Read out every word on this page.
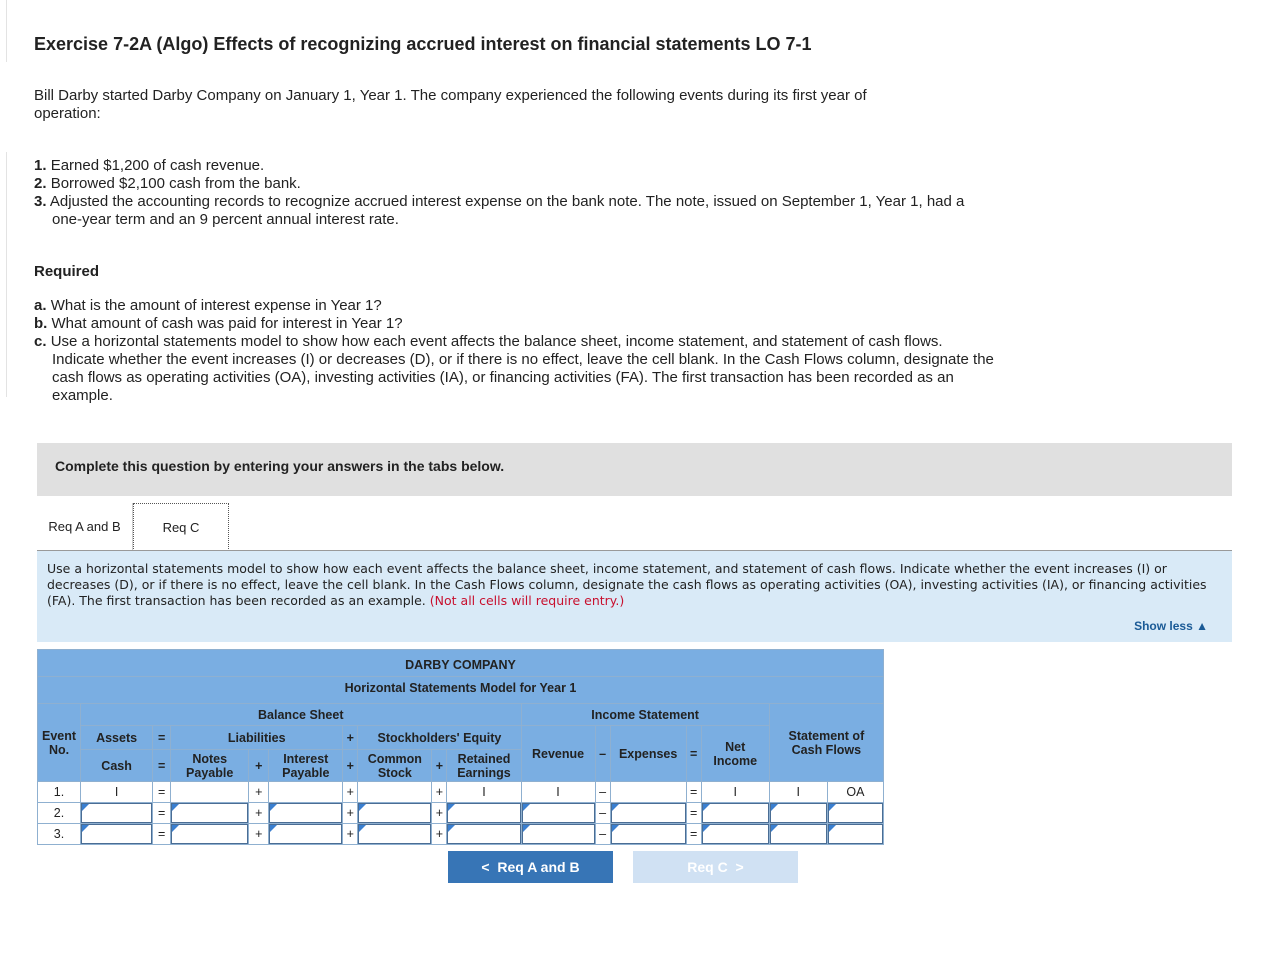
Exercise 7-2A (Algo) Effects of recognizing accrued interest on financial statements LO 7-1

Bill Darby started Darby Company on January 1, Year 1. The company experienced the following events during its first year of operation:

1. Earned $1,200 of cash revenue.
2. Borrowed $2,100 cash from the bank.
3. Adjusted the accounting records to recognize accrued interest expense on the bank note. The note, issued on September 1, Year 1, had a one-year term and an 9 percent annual interest rate.

Required

a. What is the amount of interest expense in Year 1?
b. What amount of cash was paid for interest in Year 1?
c. Use a horizontal statements model to show how each event affects the balance sheet, income statement, and statement of cash flows. Indicate whether the event increases (I) or decreases (D), or if there is no effect, leave the cell blank. In the Cash Flows column, designate the cash flows as operating activities (OA), investing activities (IA), or financing activities (FA). The first transaction has been recorded as an example.
Complete this question by entering your answers in the tabs below.
Req A and B	Req C
Use a horizontal statements model to show how each event affects the balance sheet, income statement, and statement of cash flows. Indicate whether the event increases (I) or decreases (D), or if there is no effect, leave the cell blank. In the Cash Flows column, designate the cash flows as operating activities (OA), investing activities (IA), or financing activities (FA). The first transaction has been recorded as an example. (Not all cells will require entry.)
Show less ▲
DARBY COMPANY																
Horizontal Statements Model for Year 1																
Event No.	Balance Sheet									Income Statement					Statement of Cash Flows	
	Assets	=	Liabilities			+	Stockholders' Equity			Revenue	–	Expenses	=	Net Income		
	Cash	=	Notes Payable	+	Interest Payable	+	Common Stock	+	Retained Earnings							
1.	I	=		+		+		+	I	I	–		=	I	I	OA
2.		=		+		+		+			–		=	

3.		=		+		+		+			–		=	

< Req A and B	Req C >
